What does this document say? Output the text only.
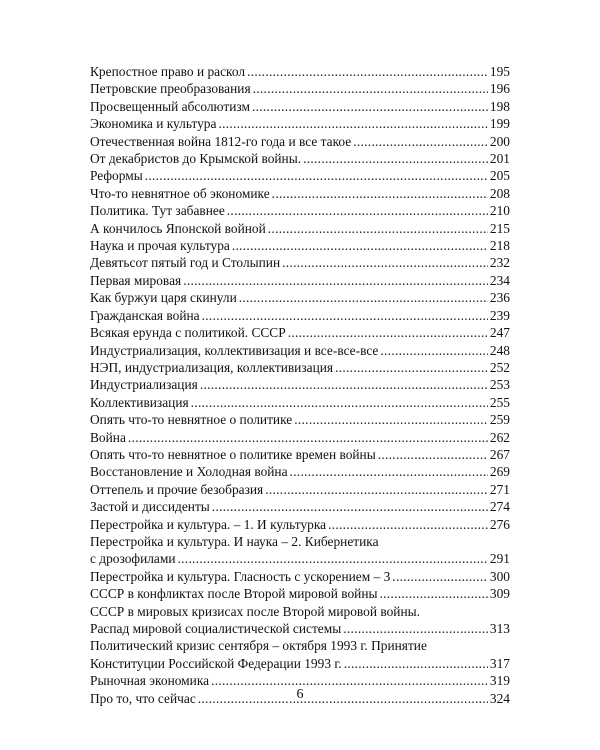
Крепостное право и раскол .....	195
Петровские преобразования .....	196
Просвещенный абсолютизм .....	198
Экономика и культура .....	199
Отечественная война 1812-го года и все такое .....	200
От декабристов до Крымской войны. .....	201
Реформы .....	205
Что-то невнятное об экономике .....	208
Политика. Тут забавнее .....	210
А кончилось Японской войной .....	215
Наука и прочая культура .....	218
Девятьсот пятый год и Столыпин .....	232
Первая мировая .....	234
Как буржуи царя скинули .....	236
Гражданская война .....	239
Всякая ерунда с политикой. СССР .....	247
Индустриализация, коллективизация и все-все-все .....	248
НЭП, индустриализация, коллективизация .....	252
Индустриализация .....	253
Коллективизация .....	255
Опять что-то невнятное о политике .....	259
Война .....	262
Опять что-то невнятное о политике времен войны .....	267
Восстановление и Холодная война .....	269
Оттепель и прочие безобразия .....	271
Застой и диссиденты .....	274
Перестройка и культура. – 1. И культурка .....	276
Перестройка и культура. И наука – 2. Кибернетика
с дрозофилами .....	291
Перестройка и культура. Гласность с ускорением – 3 .....	300
СССР в конфликтах после Второй мировой войны .....	309
СССР в мировых кризисах после Второй мировой войны.
Распад мировой социалистической системы .....	313
Политический кризис сентября – октября 1993 г. Принятие
Конституции Российской Федерации 1993 г. .....	317
Рыночная экономика .....	319
Про то, что сейчас .....	324
6
